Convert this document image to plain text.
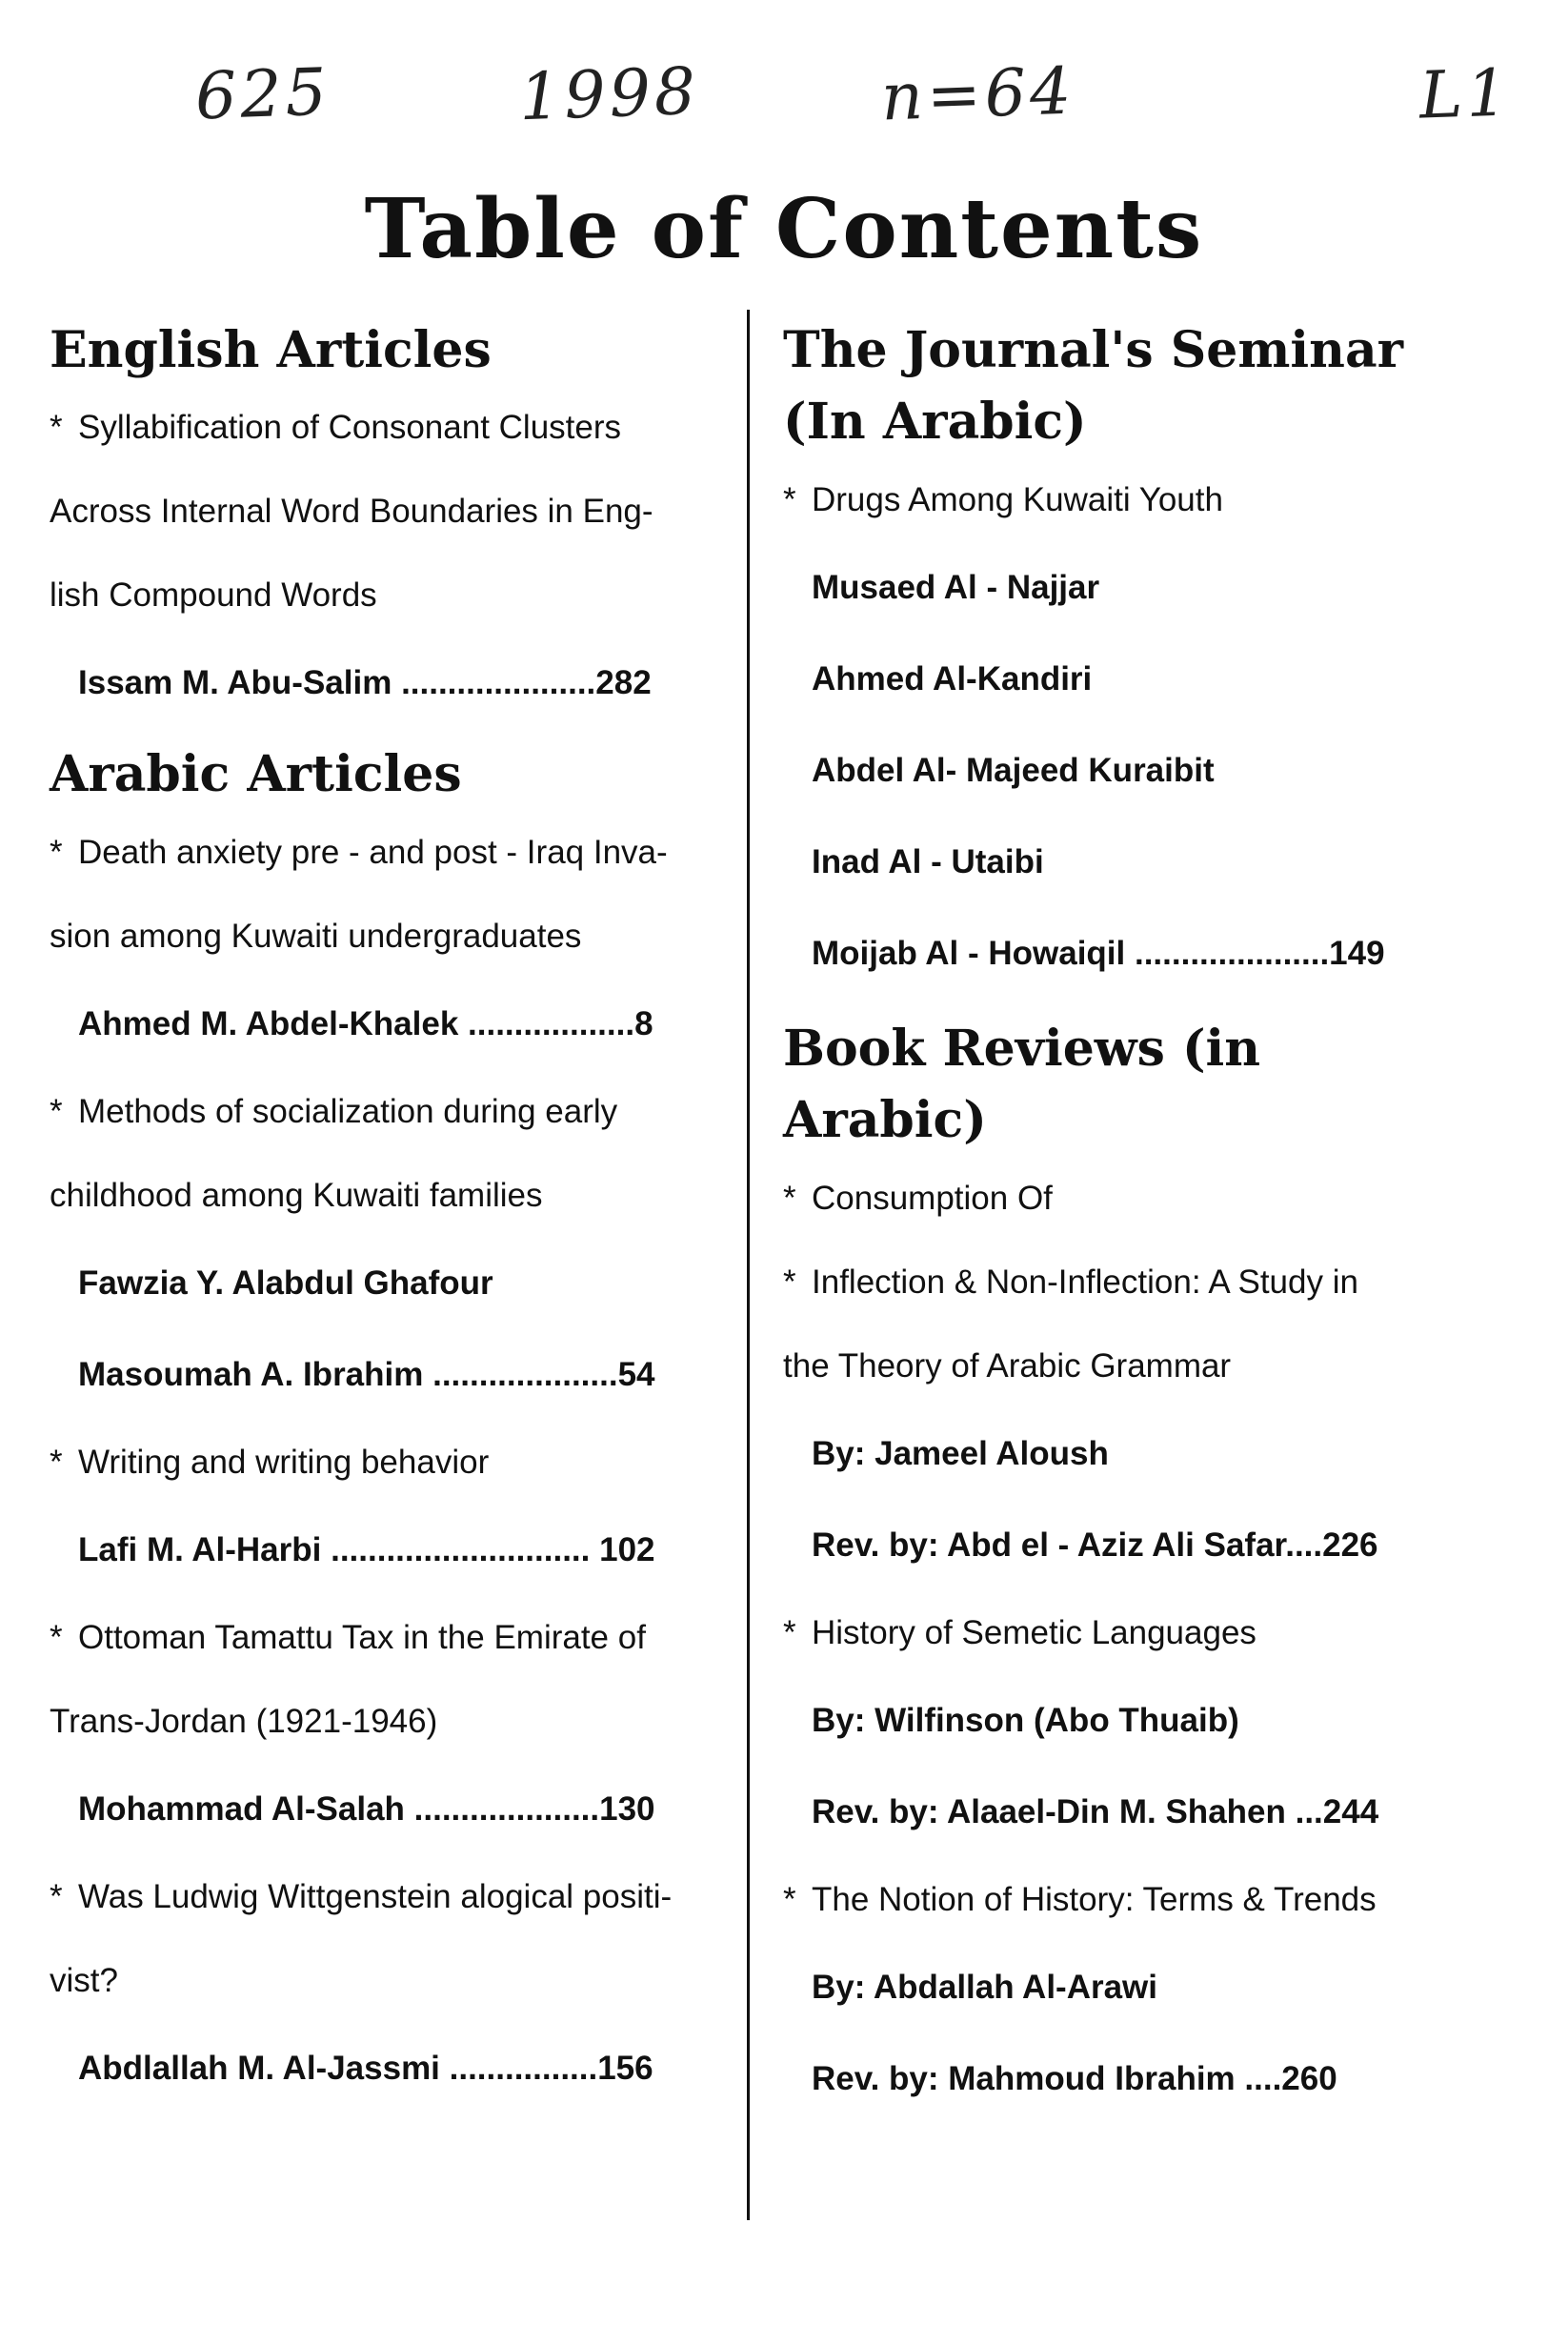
625	1998	n=64	L1
Table of Contents
English Articles

* Syllabification of Consonant Clusters

Across Internal Word Boundaries in Eng-

lish Compound Words

Issam M. Abu-Salim .....................282

Arabic Articles

* Death anxiety pre - and post - Iraq Inva-

sion among Kuwaiti undergraduates

Ahmed M. Abdel-Khalek ..................8

* Methods of socialization during early

childhood among Kuwaiti families

Fawzia Y. Alabdul Ghafour

Masoumah A. Ibrahim ....................54

* Writing and writing behavior

Lafi M. Al-Harbi ............................ 102

* Ottoman Tamattu Tax in the Emirate of

Trans-Jordan (1921-1946)

Mohammad Al-Salah ....................130

* Was Ludwig Wittgenstein alogical positi-

vist?

Abdlallah M. Al-Jassmi ................156

The Journal's Seminar
(In Arabic)

* Drugs Among Kuwaiti Youth

Musaed Al - Najjar

Ahmed Al-Kandiri

Abdel Al- Majeed Kuraibit

Inad Al - Utaibi

Moijab Al - Howaiqil .....................149

Book Reviews (in Arabic)

* Consumption Of

* Inflection & Non-Inflection: A Study in

the Theory of Arabic Grammar

By: Jameel Aloush

Rev. by: Abd el - Aziz Ali Safar....226

* History of Semetic Languages

By: Wilfinson (Abo Thuaib)

Rev. by: Alaael-Din M. Shahen ...244

* The Notion of History: Terms & Trends

By: Abdallah Al-Arawi

Rev. by: Mahmoud Ibrahim ....260
